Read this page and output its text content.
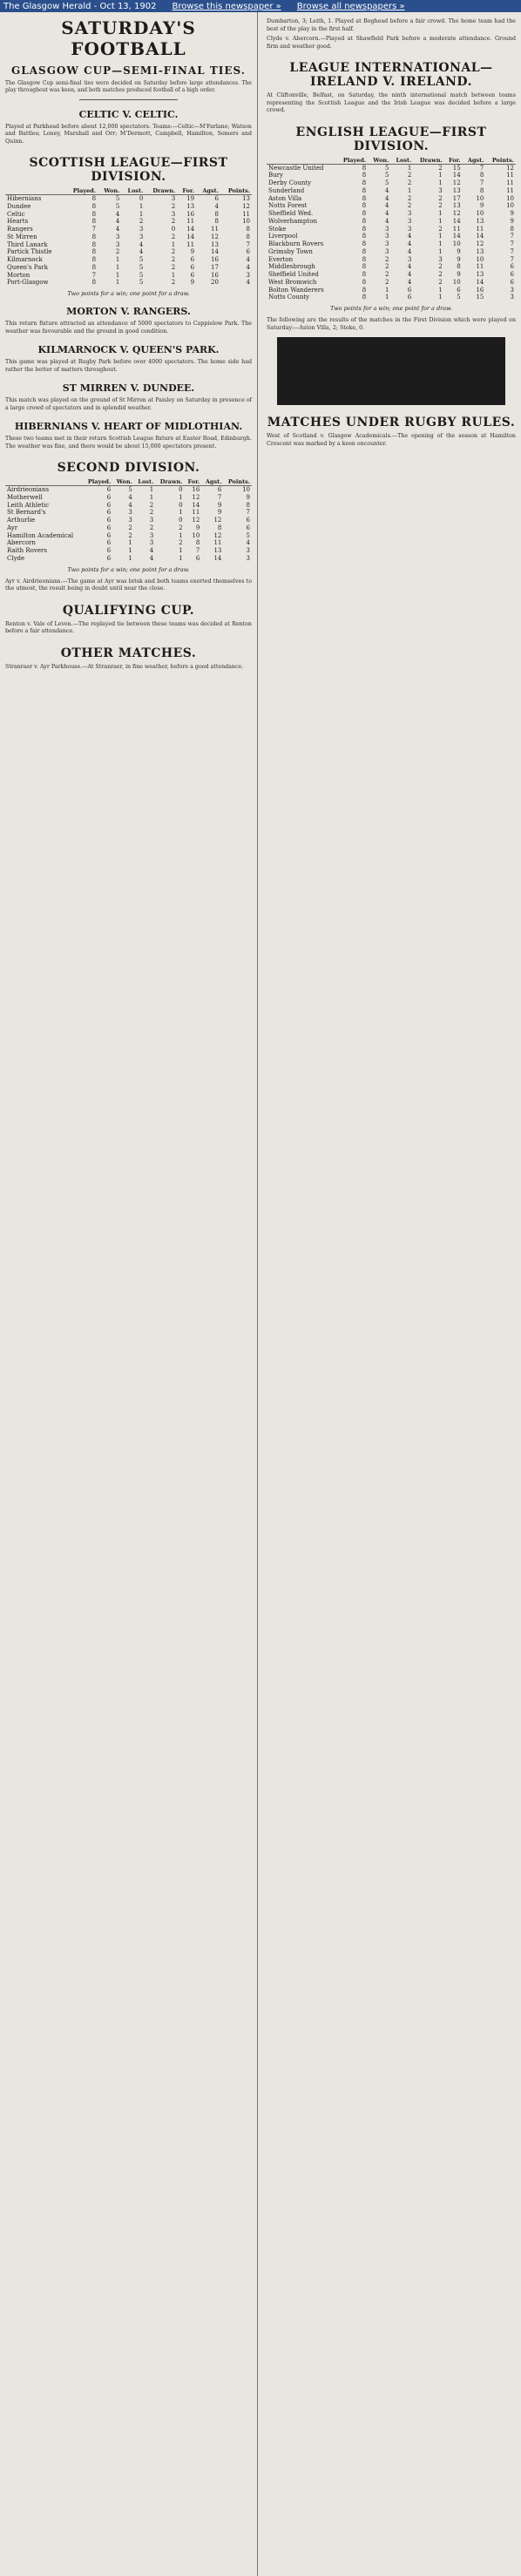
The Glasgow Herald - Oct 13, 1902 Browse this newspaper » Browse all newspapers »
SATURDAY'S FOOTBALL
GLASGOW CUP—SEMI-FINAL TIES.
The Glasgow Cup semi-final ties were decided on Saturday before large attendances. The play throughout was keen, and both matches produced football of a high order.
CELTIC V. CELTIC.
Played at Parkhead before about 12,000 spectators. Teams:—Celtic—M'Farlane; Watson and Battles; Loney, Marshall and Orr; M'Dermott, Campbell, Hamilton, Somers and Quinn.
SCOTTISH LEAGUE—FIRST DIVISION.
	Played.	Won.	Lost.	Drawn.	For.	Agst.	Points.
Hibernians	8	5	0	3	19	6	13
Dundee	8	5	1	2	13	4	12
Celtic	8	4	1	3	16	8	11
Hearts	8	4	2	2	11	8	10
Rangers	7	4	3	0	14	11	8
St Mirren	8	3	3	2	14	12	8
Third Lanark	8	3	4	1	11	13	7
Partick Thistle	8	2	4	2	9	14	6
Kilmarnock	8	1	5	2	6	16	4
Queen's Park	8	1	5	2	6	17	4
Morton	7	1	5	1	6	16	3
Port-Glasgow	8	1	5	2	9	20	4
Two points for a win; one point for a draw.
MORTON V. RANGERS.
This return fixture attracted an attendance of 5000 spectators to Cappielow Park. The weather was favourable and the ground in good condition.
KILMARNOCK V. QUEEN'S PARK.
This game was played at Rugby Park before over 4000 spectators. The home side had rather the better of matters throughout.
ST MIRREN V. DUNDEE.
This match was played on the ground of St Mirren at Paisley on Saturday in presence of a large crowd of spectators and in splendid weather.
HIBERNIANS V. HEART OF MIDLOTHIAN.
These two teams met in their return Scottish League fixture at Easter Road, Edinburgh. The weather was fine, and there would be about 15,000 spectators present.
SECOND DIVISION.
	Played.	Won.	Lost.	Drawn.	For.	Agst.	Points.
Airdrieonians	6	5	1	0	16	6	10
Motherwell	6	4	1	1	12	7	9
Leith Athletic	6	4	2	0	14	9	8
St Bernard's	6	3	2	1	11	9	7
Arthurlie	6	3	3	0	12	12	6
Ayr	6	2	2	2	9	8	6
Hamilton Academical	6	2	3	1	10	12	5
Abercorn	6	1	3	2	8	11	4
Raith Rovers	6	1	4	1	7	13	3
Clyde	6	1	4	1	6	14	3
Two points for a win; one point for a draw.
Ayr v. Airdrieonians.—The game at Ayr was brisk and both teams exerted themselves to the utmost, the result being in doubt until near the close.
QUALIFYING CUP.
Renton v. Vale of Leven.—The replayed tie between these teams was decided at Renton before a fair attendance.
OTHER MATCHES.
Stranraer v. Ayr Parkhouse.—At Stranraer, in fine weather, before a good attendance.
Dumbarton, 3; Leith, 1. Played at Boghead before a fair crowd. The home team had the best of the play in the first half.
Clyde v. Abercorn.—Played at Shawfield Park before a moderate attendance. Ground firm and weather good.
LEAGUE INTERNATIONAL—IRELAND V. IRELAND.
At Cliftonville, Belfast, on Saturday, the ninth international match between teams representing the Scottish League and the Irish League was decided before a large crowd.
ENGLISH LEAGUE—FIRST DIVISION.
	Played.	Won.	Lost.	Drawn.	For.	Agst.	Points.
Newcastle United	8	5	1	2	15	7	12
Bury	8	5	2	1	14	8	11
Derby County	8	5	2	1	12	7	11
Sunderland	8	4	1	3	13	8	11
Aston Villa	8	4	2	2	17	10	10
Notts Forest	8	4	2	2	13	9	10
Sheffield Wed.	8	4	3	1	12	10	9
Wolverhampton	8	4	3	1	14	13	9
Stoke	8	3	3	2	11	11	8
Liverpool	8	3	4	1	14	14	7
Blackburn Rovers	8	3	4	1	10	12	7
Grimsby Town	8	3	4	1	9	13	7
Everton	8	2	3	3	9	10	7
Middlesbrough	8	2	4	2	8	11	6
Sheffield United	8	2	4	2	9	13	6
West Bromwich	8	2	4	2	10	14	6
Bolton Wanderers	8	1	6	1	6	16	3
Notts County	8	1	6	1	5	15	3
Two points for a win; one point for a draw.
The following are the results of the matches in the First Division which were played on Saturday:—Aston Villa, 2; Stoke, 0.
MATCHES UNDER RUGBY RULES.
West of Scotland v. Glasgow Academicals.—The opening of the season at Hamilton Crescent was marked by a keen encounter.
